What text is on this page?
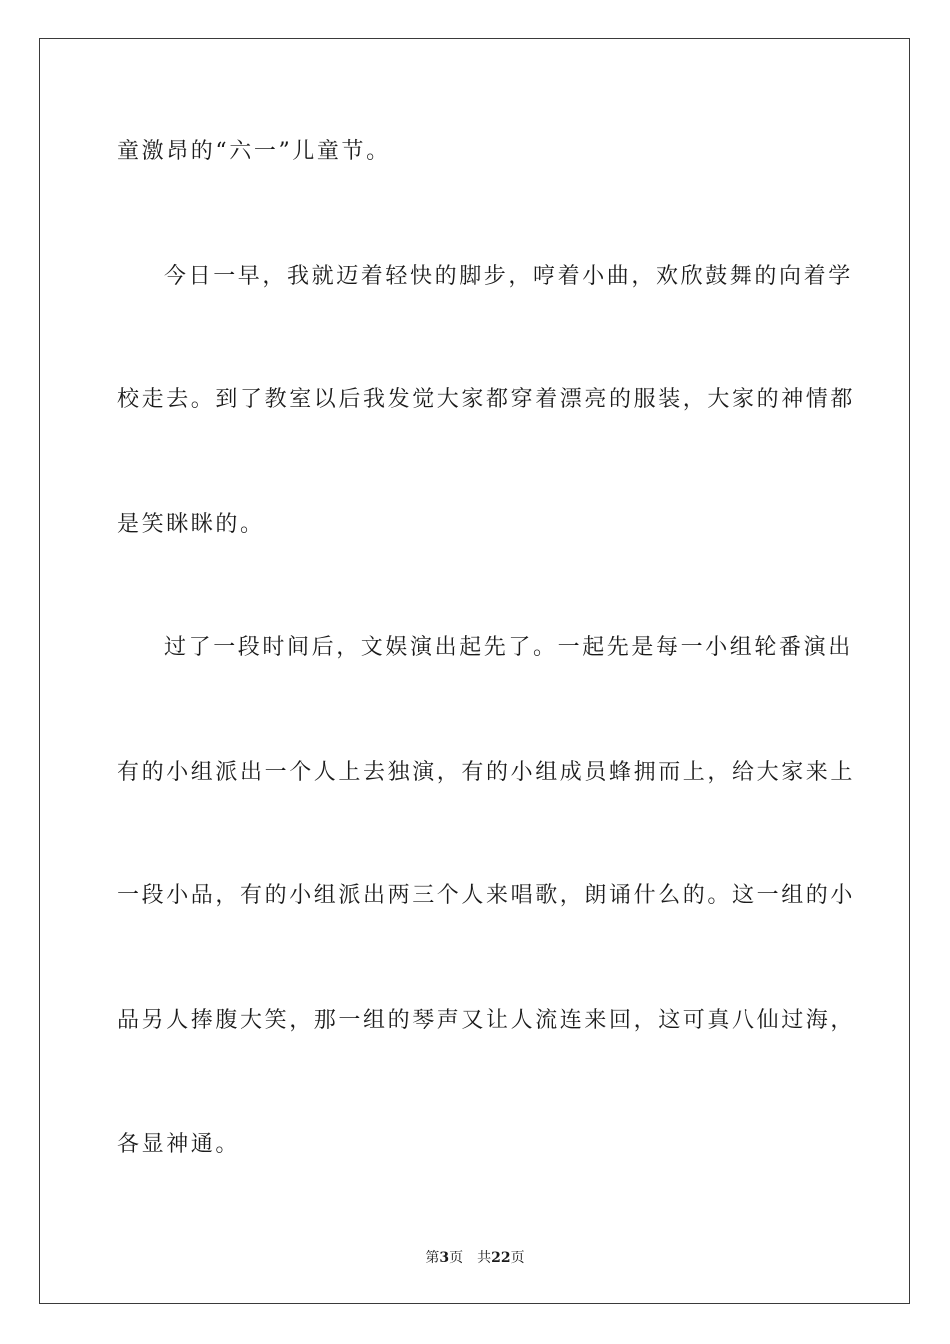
童激昂的“六一”儿童节。

今日一早，我就迈着轻快的脚步，哼着小曲，欢欣鼓舞的向着学

校走去。到了教室以后我发觉大家都穿着漂亮的服装，大家的神情都

是笑眯眯的。

过了一段时间后，文娱演出起先了。一起先是每一小组轮番演出

有的小组派出一个人上去独演，有的小组成员蜂拥而上，给大家来上

一段小品，有的小组派出两三个人来唱歌，朗诵什么的。这一组的小

品另人捧腹大笑，那一组的琴声又让人流连来回，这可真八仙过海，

各显神通。

第3页 共22页
